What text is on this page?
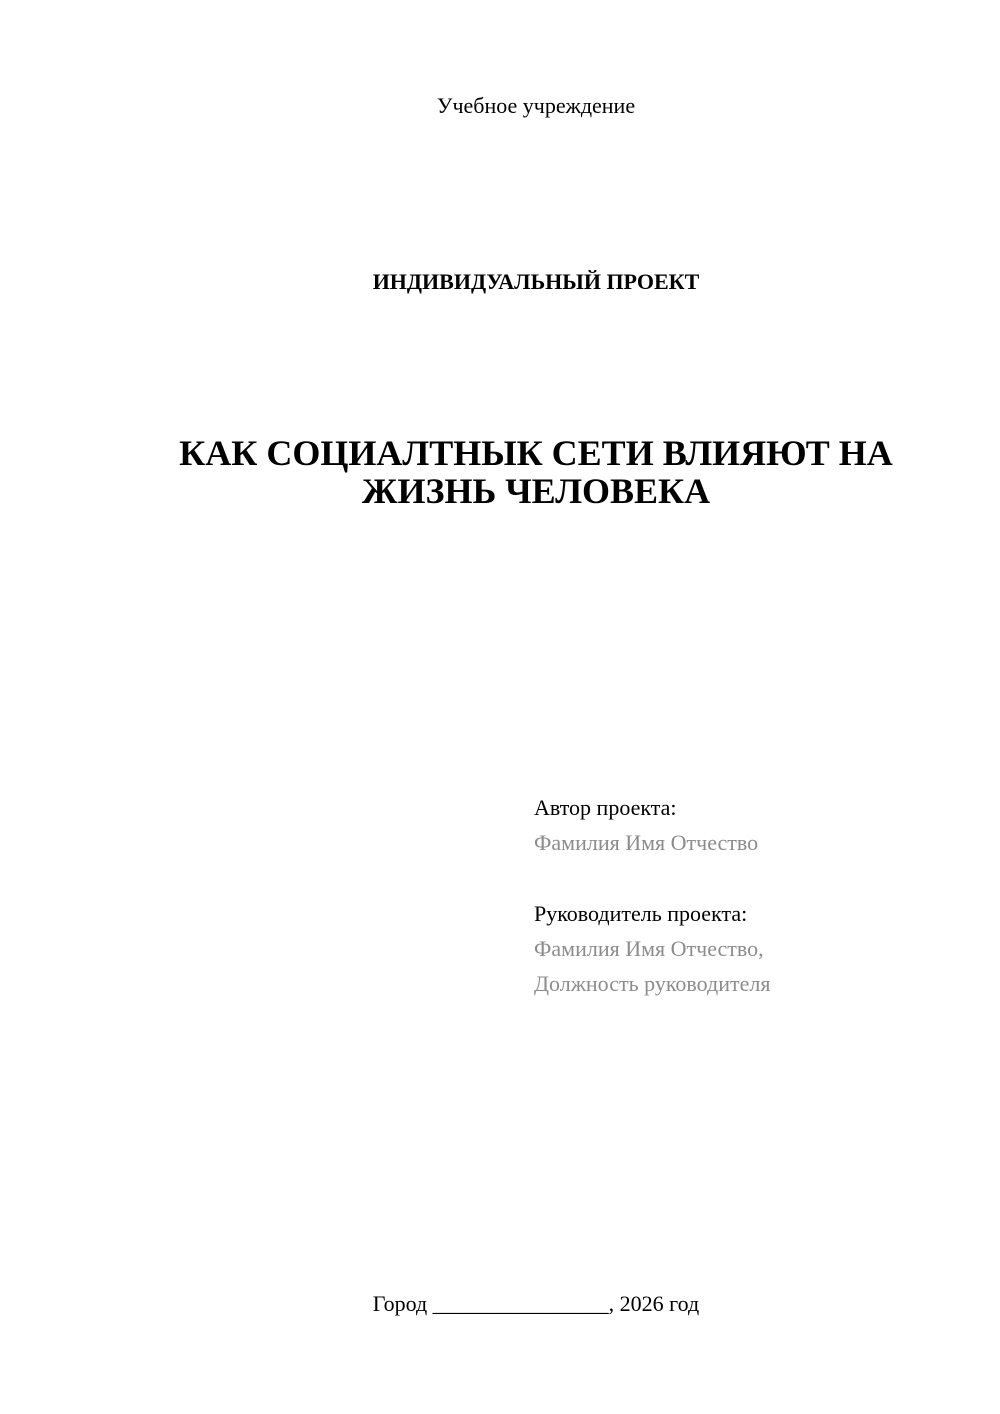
Учебное учреждение
ИНДИВИДУАЛЬНЫЙ ПРОЕКТ
КАК СОЦИАЛТНЫК СЕТИ ВЛИЯЮТ НА
ЖИЗНЬ ЧЕЛОВЕКА
Автор проекта:
Фамилия Имя Отчество
Руководитель проекта:
Фамилия Имя Отчество,
Должность руководителя
Город ________________, 2026 год
